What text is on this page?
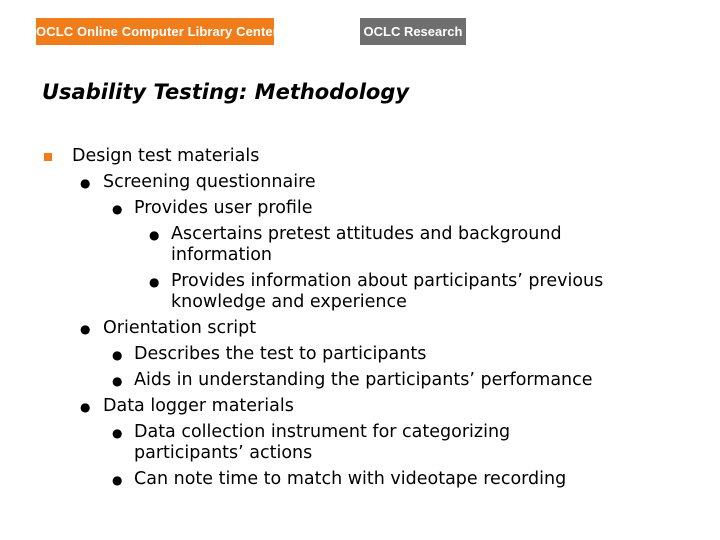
OCLC Online Computer Library Center	OCLC Research
Usability Testing: Methodology
Design test materials
● Screening questionnaire
● Provides user profile
● Ascertains pretest attitudes and background
information
● Provides information about participants’ previous
knowledge and experience
● Orientation script
● Describes the test to participants
● Aids in understanding the participants’ performance
● Data logger materials
● Data collection instrument for categorizing
participants’ actions
● Can note time to match with videotape recording
